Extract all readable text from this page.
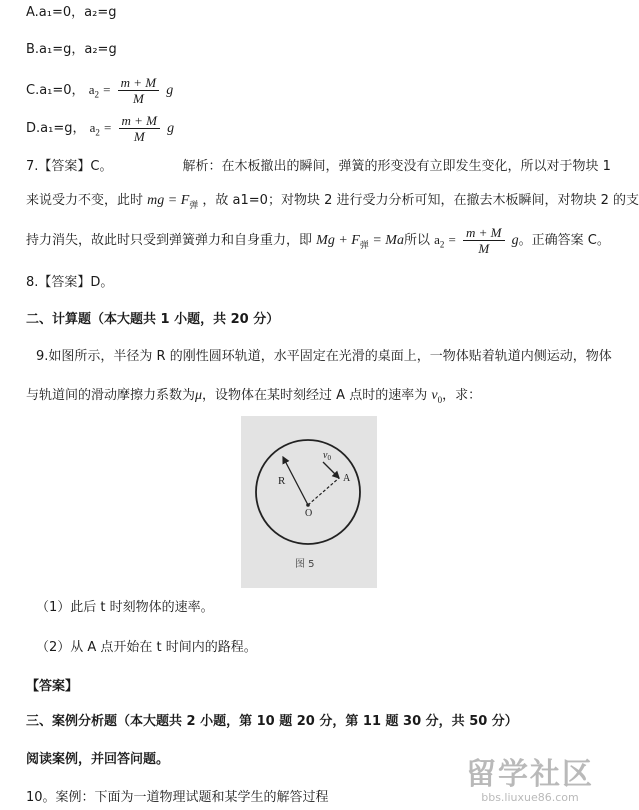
A.a₁=0，a₂=g
B.a₁=g，a₂=g
C.a₁=0， $a_2 = \frac{m + M}{M}$ g
D.a₁=g， $a_2 = \frac{m + M}{M}$ g
7.【答案】C。	解析：在木板撤出的瞬间，弹簧的形变没有立即发生变化，所以对于物块 1
来说受力不变，此时 mg = $F_弹$ ，故 a1=0；对物块 2 进行受力分析可知，在撤去木板瞬间，对物块 2 的支
持力消失，故此时只受到弹簧弹力和自身重力，即 $Mg + F_弹 = Ma$所以 $a_2 = \frac{m + M}{M}$ g。正确答案 C。
8.【答案】D。
二、计算题（本大题共 1 小题，共 20 分）
9.如图所示，半径为 R 的刚性圆环轨道，水平固定在光滑的桌面上，一物体贴着轨道内侧运动，物体
与轨道间的滑动摩擦力系数为μ，设物体在某时刻经过 A 点时的速率为 $v_0$，求：
R
O
A
$v_0$
图 5
（1）此后 t 时刻物体的速率。
（2）从 A 点开始在 t 时间内的路程。
【答案】
三、案例分析题（本大题共 2 小题，第 10 题 20 分，第 11 题 30 分，共 50 分）
阅读案例，并回答问题。
10。案例：下面为一道物理试题和某学生的解答过程
留学社区
bbs.liuxue86.com
